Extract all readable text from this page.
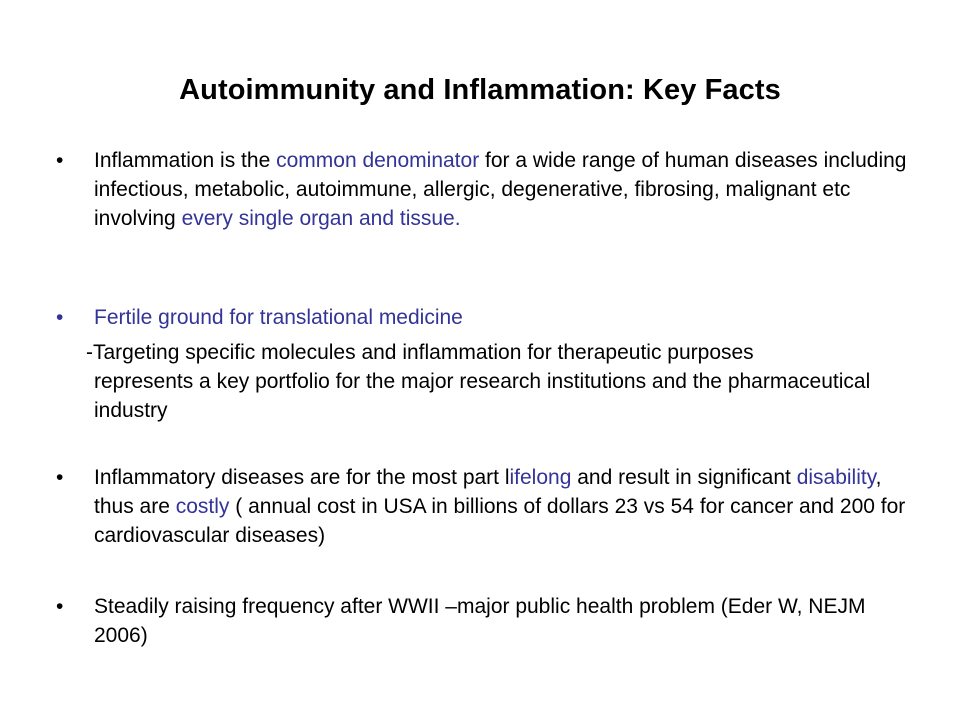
Autoimmunity and Inflammation: Key Facts
• Inflammation is the common denominator for a wide range of human diseases including infectious, metabolic, autoimmune, allergic, degenerative, fibrosing, malignant etc involving every single organ and tissue.
• Fertile ground for translational medicine
-Targeting specific molecules and inflammation for therapeutic purposes
represents a key portfolio for the major research institutions and the pharmaceutical industry
• Inflammatory diseases are for the most part lifelong and result in significant disability, thus are costly ( annual cost in USA in billions of dollars 23 vs 54 for cancer and 200 for cardiovascular diseases)
• Steadily raising frequency after WWII –major public health problem (Eder W, NEJM 2006)
